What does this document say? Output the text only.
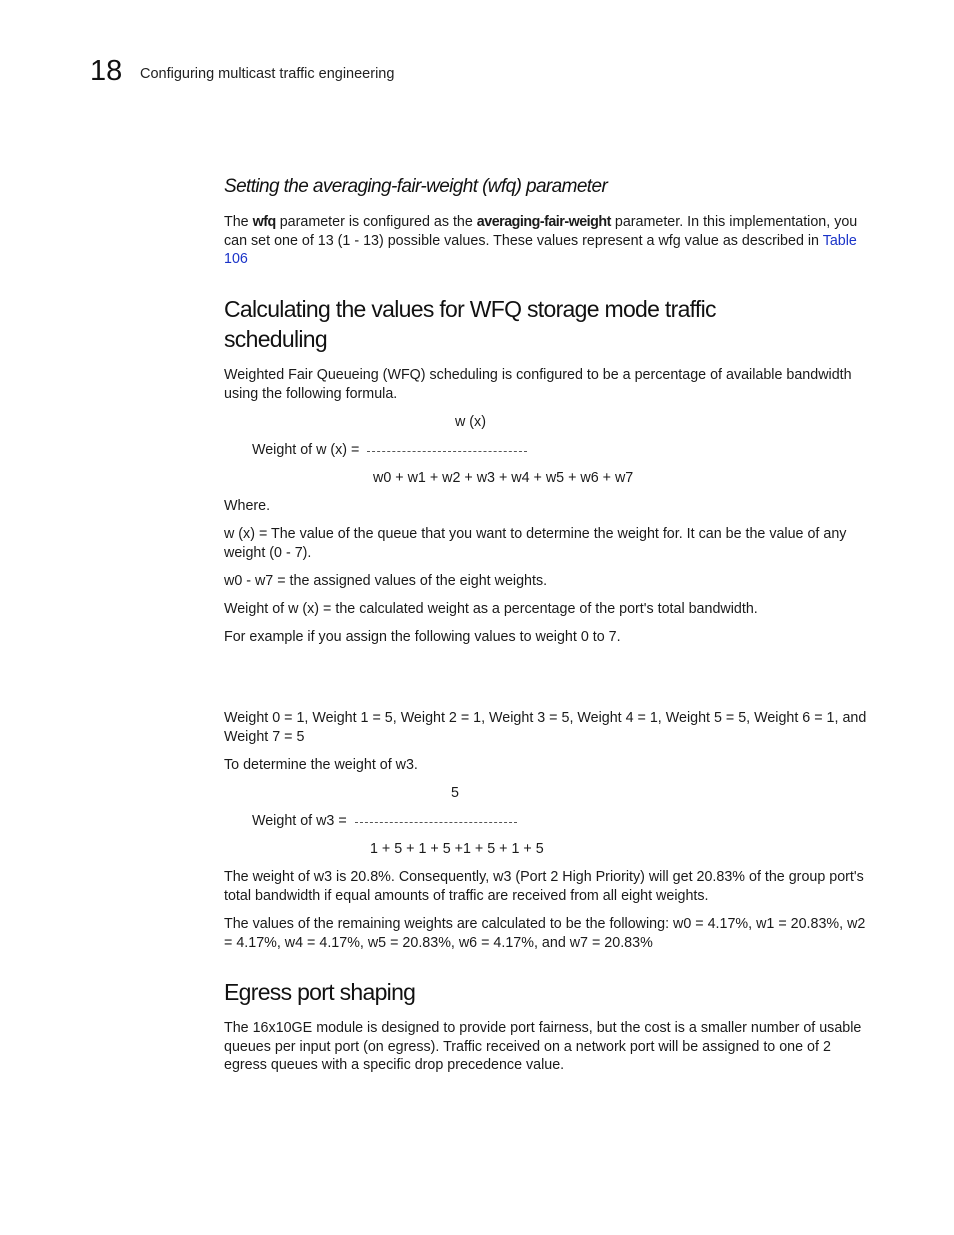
18 Configuring multicast traffic engineering
Setting the averaging-fair-weight (wfq) parameter

The wfq parameter is configured as the averaging-fair-weight parameter. In this implementation, you can set one of 13 (1 - 13) possible values. These values represent a wfg value as described in Table 106

Calculating the values for WFQ storage mode traffic
scheduling

Weighted Fair Queueing (WFQ) scheduling is configured to be a percentage of available bandwidth using the following formula.

w (x)
Weight of w (x) =
w0 + w1 + w2 + w3 + w4 + w5 + w6 + w7

Where.

w (x) = The value of the queue that you want to determine the weight for. It can be the value of any weight (0 - 7).

w0 - w7 = the assigned values of the eight weights.

Weight of w (x) = the calculated weight as a percentage of the port's total bandwidth.

For example if you assign the following values to weight 0 to 7.

Weight 0 = 1, Weight 1 = 5, Weight 2 = 1, Weight 3 = 5, Weight 4 = 1, Weight 5 = 5, Weight 6 = 1, and Weight 7 = 5

To determine the weight of w3.

5
Weight of w3 =
1 + 5 + 1 + 5 +1 + 5 + 1 + 5

The weight of w3 is 20.8%. Consequently, w3 (Port 2 High Priority) will get 20.83% of the group port's total bandwidth if equal amounts of traffic are received from all eight weights.

The values of the remaining weights are calculated to be the following: w0 = 4.17%, w1 = 20.83%, w2 = 4.17%, w4 = 4.17%, w5 = 20.83%, w6 = 4.17%, and w7 = 20.83%

Egress port shaping

The 16x10GE module is designed to provide port fairness, but the cost is a smaller number of usable queues per input port (on egress). Traffic received on a network port will be assigned to one of 2 egress queues with a specific drop precedence value.
